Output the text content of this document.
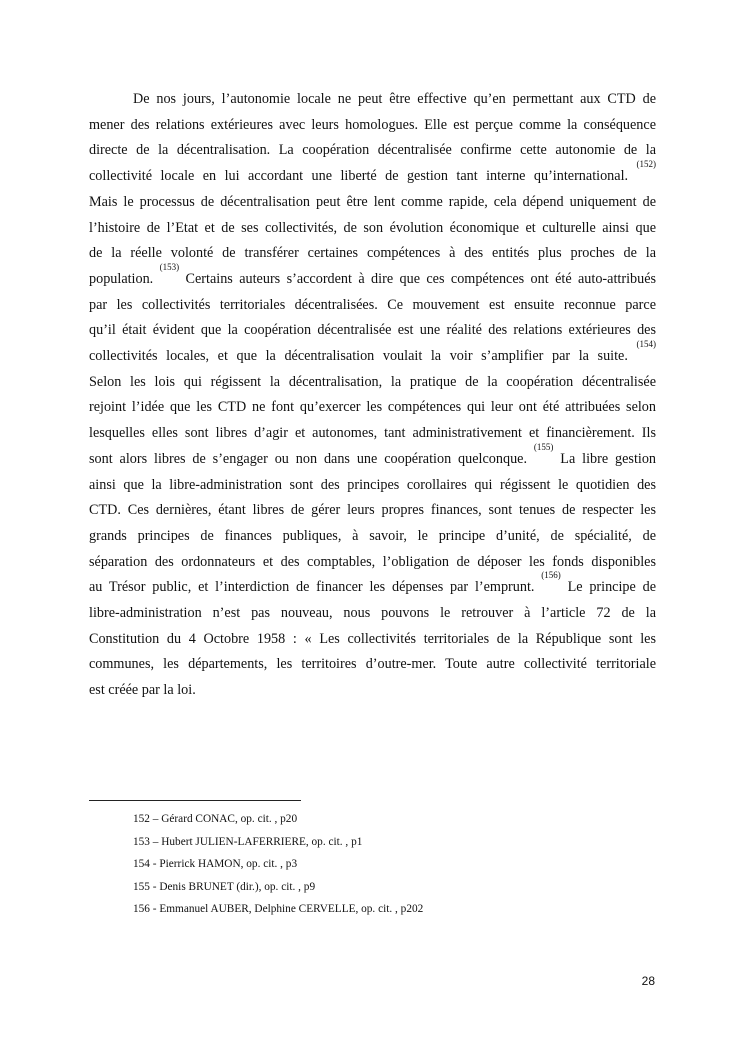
De nos jours, l’autonomie locale ne peut être effective qu’en permettant aux CTD de
mener des relations extérieures avec leurs homologues. Elle est perçue comme la conséquence
directe de la décentralisation. La coopération décentralisée confirme cette autonomie de la
collectivité locale en lui accordant une liberté de gestion tant interne qu’international. $^{(152)}$
Mais le processus de décentralisation peut être lent comme rapide, cela dépend uniquement de
l’histoire de l’Etat et de ses collectivités, de son évolution économique et culturelle ainsi que
de la réelle volonté de transférer certaines compétences à des entités plus proches de la
population. $^{(153)}$ Certains auteurs s’accordent à dire que ces compétences ont été auto-attribués
par les collectivités territoriales décentralisées. Ce mouvement est ensuite reconnue parce
qu’il était évident que la coopération décentralisée est une réalité des relations extérieures des
collectivités locales, et que la décentralisation voulait la voir s’amplifier par la suite. $^{(154)}$
Selon les lois qui régissent la décentralisation, la pratique de la coopération décentralisée
rejoint l’idée que les CTD ne font qu’exercer les compétences qui leur ont été attribuées selon
lesquelles elles sont libres d’agir et autonomes, tant administrativement et financièrement. Ils
sont alors libres de s’engager ou non dans une coopération quelconque. $^{(155)}$ La libre gestion
ainsi que la libre-administration sont des principes corollaires qui régissent le quotidien des
CTD. Ces dernières, étant libres de gérer leurs propres finances, sont tenues de respecter les
grands principes de finances publiques, à savoir, le principe d’unité, de spécialité, de
séparation des ordonnateurs et des comptables, l’obligation de déposer les fonds disponibles
au Trésor public, et l’interdiction de financer les dépenses par l’emprunt. $^{(156)}$ Le principe de
libre-administration n’est pas nouveau, nous pouvons le retrouver à l’article 72 de la
Constitution du 4 Octobre 1958 : « Les collectivités territoriales de la République sont les
communes, les départements, les territoires d’outre-mer. Toute autre collectivité territoriale
est créée par la loi.
152 – Gérard CONAC, op. cit. , p20
153 – Hubert JULIEN-LAFERRIERE, op. cit. , p1
154 - Pierrick HAMON, op. cit. , p3
155 - Denis BRUNET (dir.), op. cit. , p9
156 - Emmanuel AUBER, Delphine CERVELLE, op. cit. , p202
28
